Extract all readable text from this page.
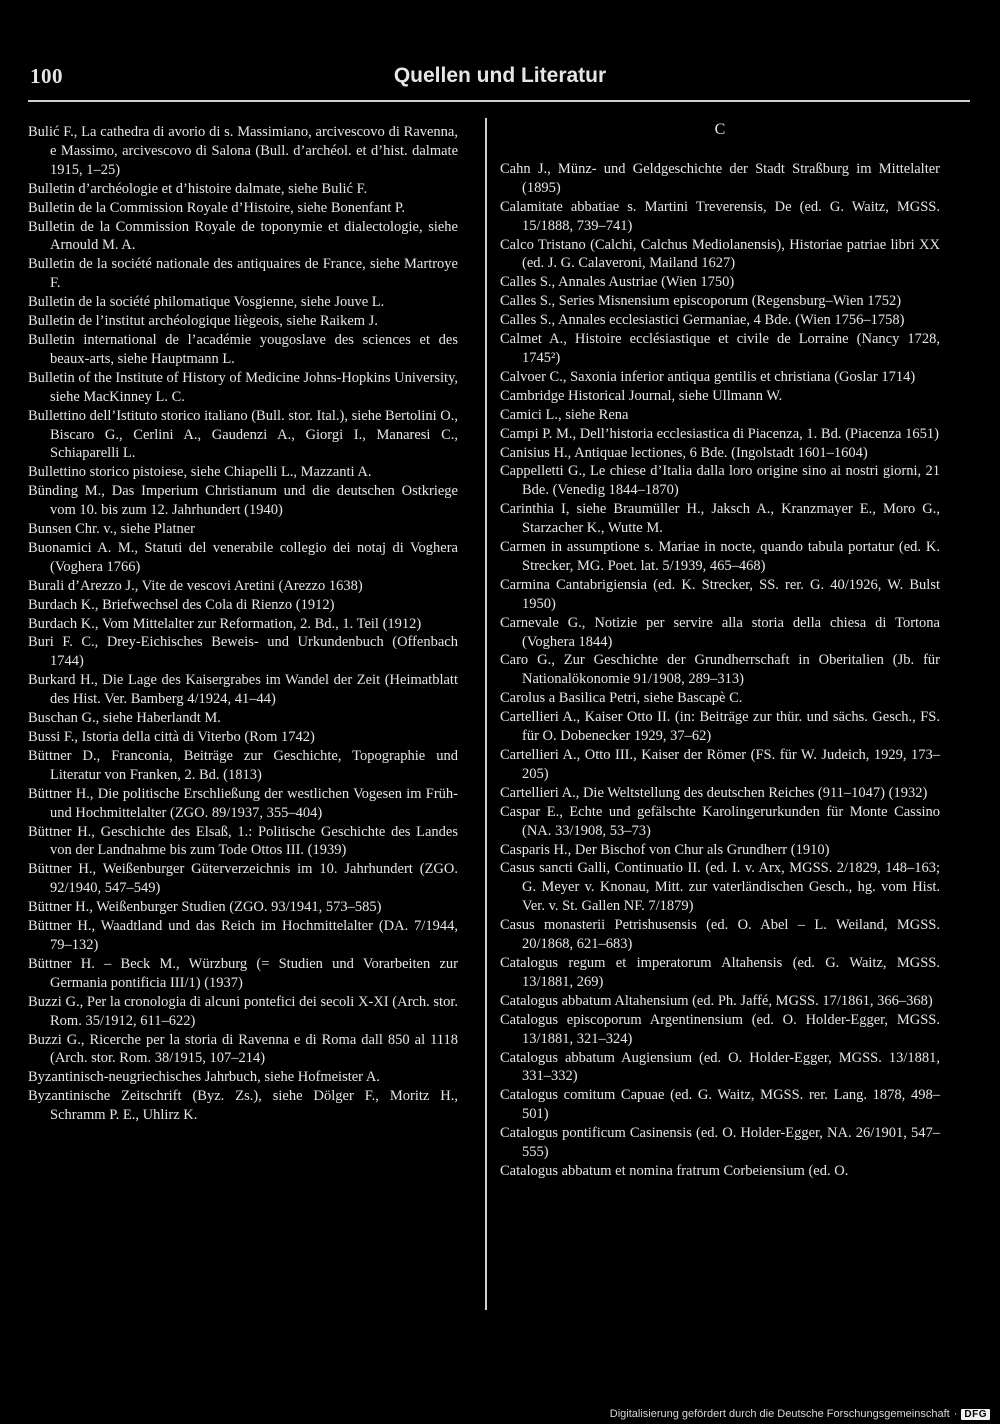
100	Quellen und Literatur
Bulić F., La cathedra di avorio di s. Massimiano, arcivescovo di Ravenna, e Massimo, arcivescovo di Salona (Bull. d’archéol. et d’hist. dalmate 1915, 1–25)
Bulletin d’archéologie et d’histoire dalmate, siehe Bulić F.
Bulletin de la Commission Royale d’Histoire, siehe Bonenfant P.
Bulletin de la Commission Royale de toponymie et dialectologie, siehe Arnould M. A.
Bulletin de la société nationale des antiquaires de France, siehe Martroye F.
Bulletin de la société philomatique Vosgienne, siehe Jouve L.
Bulletin de l’institut archéologique liègeois, siehe Raikem J.
Bulletin international de l’académie yougoslave des sciences et des beaux-arts, siehe Hauptmann L.
Bulletin of the Institute of History of Medicine Johns-Hopkins University, siehe MacKinney L. C.
Bullettino dell’Istituto storico italiano (Bull. stor. Ital.), siehe Bertolini O., Biscaro G., Cerlini A., Gaudenzi A., Giorgi I., Manaresi C., Schiaparelli L.
Bullettino storico pistoiese, siehe Chiapelli L., Mazzanti A.
Bünding M., Das Imperium Christianum und die deutschen Ostkriege vom 10. bis zum 12. Jahrhundert (1940)
Bunsen Chr. v., siehe Platner
Buonamici A. M., Statuti del venerabile collegio dei notaj di Voghera (Voghera 1766)
Burali d’Arezzo J., Vite de vescovi Aretini (Arezzo 1638)
Burdach K., Briefwechsel des Cola di Rienzo (1912)
Burdach K., Vom Mittelalter zur Reformation, 2. Bd., 1. Teil (1912)
Buri F. C., Drey-Eichisches Beweis- und Urkundenbuch (Offenbach 1744)
Burkard H., Die Lage des Kaisergrabes im Wandel der Zeit (Heimatblatt des Hist. Ver. Bamberg 4/1924, 41–44)
Buschan G., siehe Haberlandt M.
Bussi F., Istoria della città di Viterbo (Rom 1742)
Büttner D., Franconia, Beiträge zur Geschichte, Topographie und Literatur von Franken, 2. Bd. (1813)
Büttner H., Die politische Erschließung der westlichen Vogesen im Früh- und Hochmittelalter (ZGO. 89/1937, 355–404)
Büttner H., Geschichte des Elsaß, 1.: Politische Geschichte des Landes von der Landnahme bis zum Tode Ottos III. (1939)
Büttner H., Weißenburger Güterverzeichnis im 10. Jahrhundert (ZGO. 92/1940, 547–549)
Büttner H., Weißenburger Studien (ZGO. 93/1941, 573–585)
Büttner H., Waadtland und das Reich im Hochmittelalter (DA. 7/1944, 79–132)
Büttner H. – Beck M., Würzburg (= Studien und Vorarbeiten zur Germania pontificia III/1) (1937)
Buzzi G., Per la cronologia di alcuni pontefici dei secoli X-XI (Arch. stor. Rom. 35/1912, 611–622)
Buzzi G., Ricerche per la storia di Ravenna e di Roma dall 850 al 1118 (Arch. stor. Rom. 38/1915, 107–214)
Byzantinisch-neugriechisches Jahrbuch, siehe Hofmeister A.
Byzantinische Zeitschrift (Byz. Zs.), siehe Dölger F., Moritz H., Schramm P. E., Uhlirz K.
C
Cahn J., Münz- und Geldgeschichte der Stadt Straßburg im Mittelalter (1895)
Calamitate abbatiae s. Martini Treverensis, De (ed. G. Waitz, MGSS. 15/1888, 739–741)
Calco Tristano (Calchi, Calchus Mediolanensis), Historiae patriae libri XX (ed. J. G. Calaveroni, Mailand 1627)
Calles S., Annales Austriae (Wien 1750)
Calles S., Series Misnensium episcoporum (Regensburg–Wien 1752)
Calles S., Annales ecclesiastici Germaniae, 4 Bde. (Wien 1756–1758)
Calmet A., Histoire ecclésiastique et civile de Lorraine (Nancy 1728, 1745²)
Calvoer C., Saxonia inferior antiqua gentilis et christiana (Goslar 1714)
Cambridge Historical Journal, siehe Ullmann W.
Camici L., siehe Rena
Campi P. M., Dell’historia ecclesiastica di Piacenza, 1. Bd. (Piacenza 1651)
Canisius H., Antiquae lectiones, 6 Bde. (Ingolstadt 1601–1604)
Cappelletti G., Le chiese d’Italia dalla loro origine sino ai nostri giorni, 21 Bde. (Venedig 1844–1870)
Carinthia I, siehe Braumüller H., Jaksch A., Kranzmayer E., Moro G., Starzacher K., Wutte M.
Carmen in assumptione s. Mariae in nocte, quando tabula portatur (ed. K. Strecker, MG. Poet. lat. 5/1939, 465–468)
Carmina Cantabrigiensia (ed. K. Strecker, SS. rer. G. 40/1926, W. Bulst 1950)
Carnevale G., Notizie per servire alla storia della chiesa di Tortona (Voghera 1844)
Caro G., Zur Geschichte der Grundherrschaft in Oberitalien (Jb. für Nationalökonomie 91/1908, 289–313)
Carolus a Basilica Petri, siehe Bascapè C.
Cartellieri A., Kaiser Otto II. (in: Beiträge zur thür. und sächs. Gesch., FS. für O. Dobenecker 1929, 37–62)
Cartellieri A., Otto III., Kaiser der Römer (FS. für W. Judeich, 1929, 173–205)
Cartellieri A., Die Weltstellung des deutschen Reiches (911–1047) (1932)
Caspar E., Echte und gefälschte Karolingerurkunden für Monte Cassino (NA. 33/1908, 53–73)
Casparis H., Der Bischof von Chur als Grundherr (1910)
Casus sancti Galli, Continuatio II. (ed. I. v. Arx, MGSS. 2/1829, 148–163; G. Meyer v. Knonau, Mitt. zur vaterländischen Gesch., hg. vom Hist. Ver. v. St. Gallen NF. 7/1879)
Casus monasterii Petrishusensis (ed. O. Abel – L. Weiland, MGSS. 20/1868, 621–683)
Catalogus regum et imperatorum Altahensis (ed. G. Waitz, MGSS. 13/1881, 269)
Catalogus abbatum Altahensium (ed. Ph. Jaffé, MGSS. 17/1861, 366–368)
Catalogus episcoporum Argentinensium (ed. O. Holder-Egger, MGSS. 13/1881, 321–324)
Catalogus abbatum Augiensium (ed. O. Holder-Egger, MGSS. 13/1881, 331–332)
Catalogus comitum Capuae (ed. G. Waitz, MGSS. rer. Lang. 1878, 498–501)
Catalogus pontificum Casinensis (ed. O. Holder-Egger, NA. 26/1901, 547–555)
Catalogus abbatum et nomina fratrum Corbeiensium (ed. O.
Digitalisierung gefördert durch die Deutsche Forschungsgemeinschaft · DFG
